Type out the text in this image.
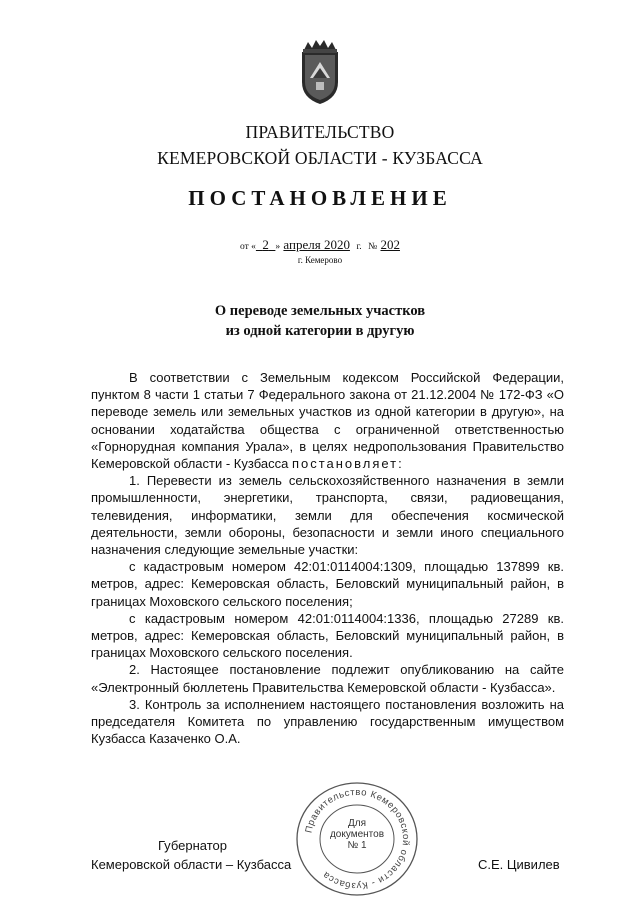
ПРАВИТЕЛЬСТВО
КЕМЕРОВСКОЙ ОБЛАСТИ - КУЗБАССА
ПОСТАНОВЛЕНИЕ
от « 2 » апреля 2020 г. № 202
г. Кемерово
О переводе земельных участков
из одной категории в другую

В соответствии с Земельным кодексом Российской Федерации, пунктом 8 части 1 статьи 7 Федерального закона от 21.12.2004 № 172-ФЗ «О переводе земель или земельных участков из одной категории в другую», на основании ходатайства общества с ограниченной ответственностью «Горнорудная компания Урала», в целях недропользования Правительство Кемеровской области - Кузбасса постановляет:

1. Перевести из земель сельскохозяйственного назначения в земли промышленности, энергетики, транспорта, связи, радиовещания, телевидения, информатики, земли для обеспечения космической деятельности, земли обороны, безопасности и земли иного специального назначения следующие земельные участки:

с кадастровым номером 42:01:0114004:1309, площадью 137899 кв. метров, адрес: Кемеровская область, Беловский муниципальный район, в границах Моховского сельского поселения;

с кадастровым номером 42:01:0114004:1336, площадью 27289 кв. метров, адрес: Кемеровская область, Беловский муниципальный район, в границах Моховского сельского поселения.

2. Настоящее постановление подлежит опубликованию на сайте «Электронный бюллетень Правительства Кемеровской области - Кузбасса».

3. Контроль за исполнением настоящего постановления возложить на председателя Комитета по управлению государственным имуществом Кузбасса Казаченко О.А.

Губернатор
Кемеровской области – Кузбасса	С.Е. Цивилев
Правительство Кемеровской области - Кузбасса
Для
документов
№ 1
